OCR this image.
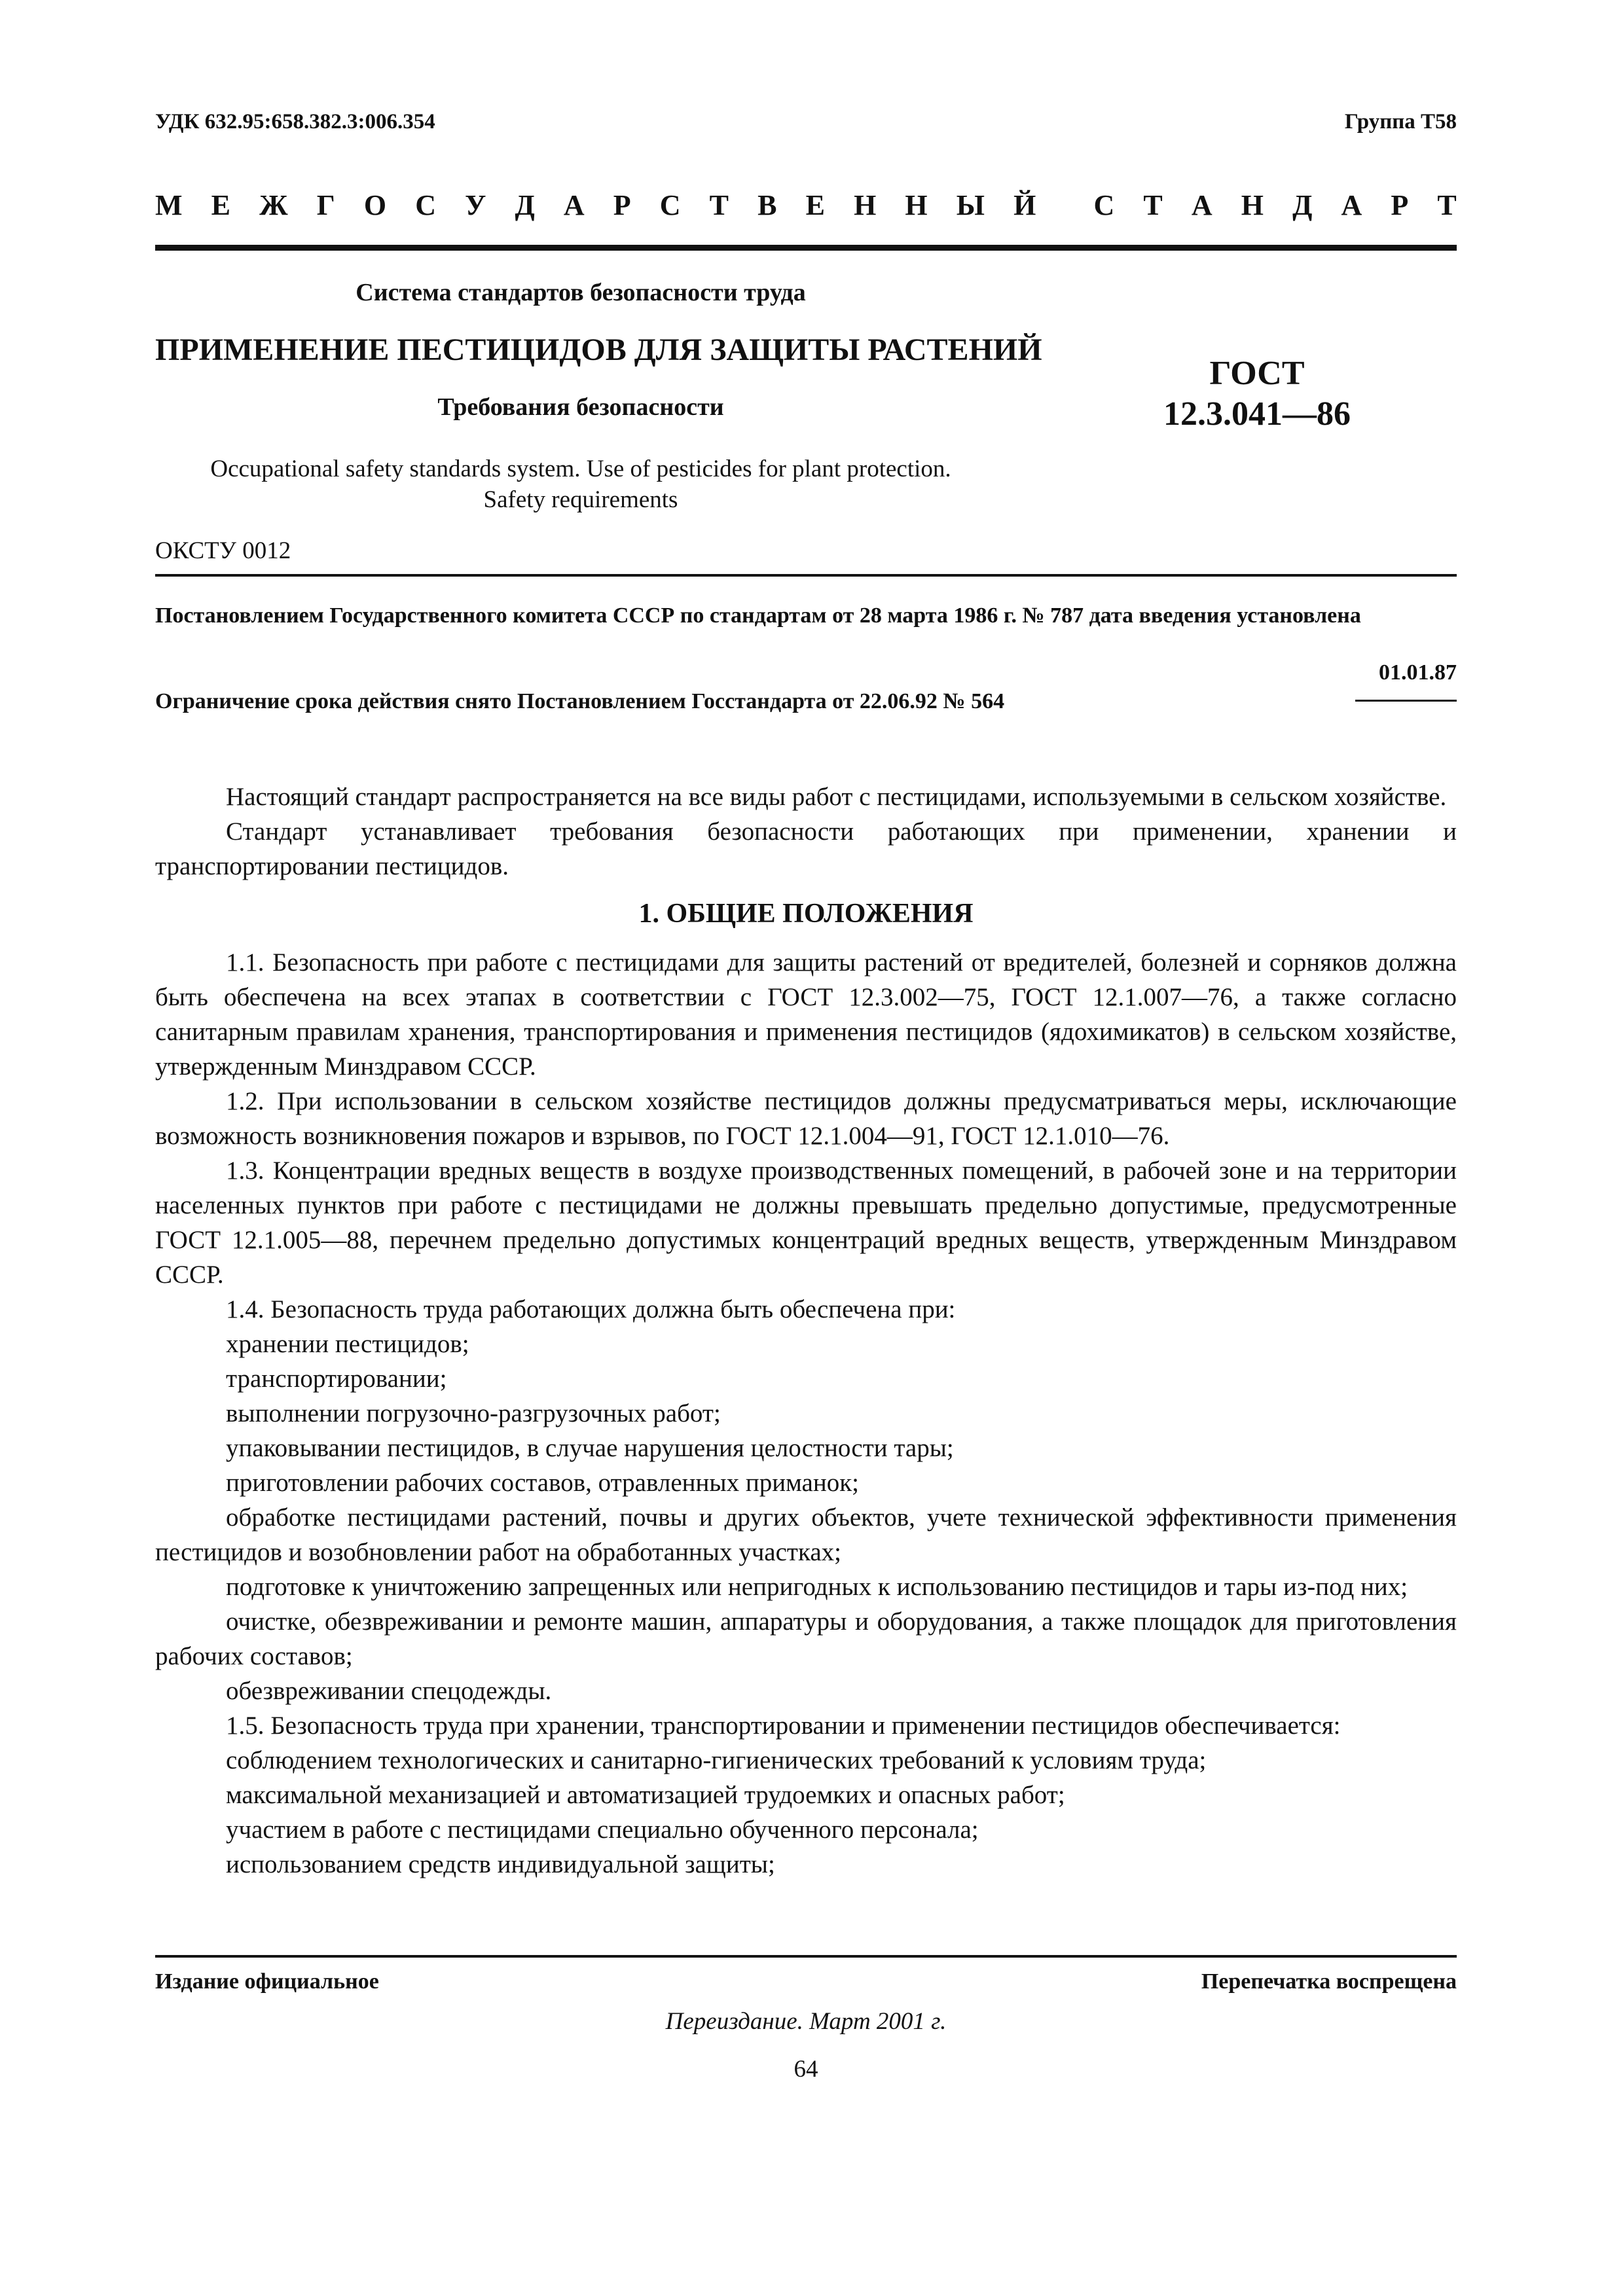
УДК 632.95:658.382.3:006.354	Группа Т58
М Е Ж Г О С У Д А Р С Т В Е Н Н Ы Й С Т А Н Д А Р Т
Система стандартов безопасности труда
ПРИМЕНЕНИЕ ПЕСТИЦИДОВ ДЛЯ ЗАЩИТЫ РАСТЕНИЙ
Требования безопасности
ГОСТ
12.3.041—86
Occupational safety standards system. Use of pesticides for plant protection.
Safety requirements
ОКСТУ 0012
Постановлением Государственного комитета СССР по стандартам от 28 марта 1986 г. № 787 дата введения установлена
01.01.87
Ограничение срока действия снято Постановлением Госстандарта от 22.06.92 № 564

Настоящий стандарт распространяется на все виды работ с пестицидами, используемыми в сельском хозяйстве.

Стандарт устанавливает требования безопасности работающих при применении, хранении и транспортировании пестицидов.

1. ОБЩИЕ ПОЛОЖЕНИЯ

1.1. Безопасность при работе с пестицидами для защиты растений от вредителей, болезней и сорняков должна быть обеспечена на всех этапах в соответствии с ГОСТ 12.3.002—75, ГОСТ 12.1.007—76, а также согласно санитарным правилам хранения, транспортирования и применения пестицидов (ядохимикатов) в сельском хозяйстве, утвержденным Минздравом СССР.

1.2. При использовании в сельском хозяйстве пестицидов должны предусматриваться меры, исключающие возможность возникновения пожаров и взрывов, по ГОСТ 12.1.004—91, ГОСТ 12.1.010—76.

1.3. Концентрации вредных веществ в воздухе производственных помещений, в рабочей зоне и на территории населенных пунктов при работе с пестицидами не должны превышать предельно допустимые, предусмотренные ГОСТ 12.1.005—88, перечнем предельно допустимых концентраций вредных веществ, утвержденным Минздравом СССР.

1.4. Безопасность труда работающих должна быть обеспечена при:

хранении пестицидов;

транспортировании;

выполнении погрузочно-разгрузочных работ;

упаковывании пестицидов, в случае нарушения целостности тары;

приготовлении рабочих составов, отравленных приманок;

обработке пестицидами растений, почвы и других объектов, учете технической эффективности применения пестицидов и возобновлении работ на обработанных участках;

подготовке к уничтожению запрещенных или непригодных к использованию пестицидов и тары из-под них;

очистке, обезвреживании и ремонте машин, аппаратуры и оборудования, а также площадок для приготовления рабочих составов;

обезвреживании спецодежды.

1.5. Безопасность труда при хранении, транспортировании и применении пестицидов обеспечивается:

соблюдением технологических и санитарно-гигиенических требований к условиям труда;

максимальной механизацией и автоматизацией трудоемких и опасных работ;

участием в работе с пестицидами специально обученного персонала;

использованием средств индивидуальной защиты;

Издание официальное	Перепечатка воспрещена
Переиздание. Март 2001 г.
64
